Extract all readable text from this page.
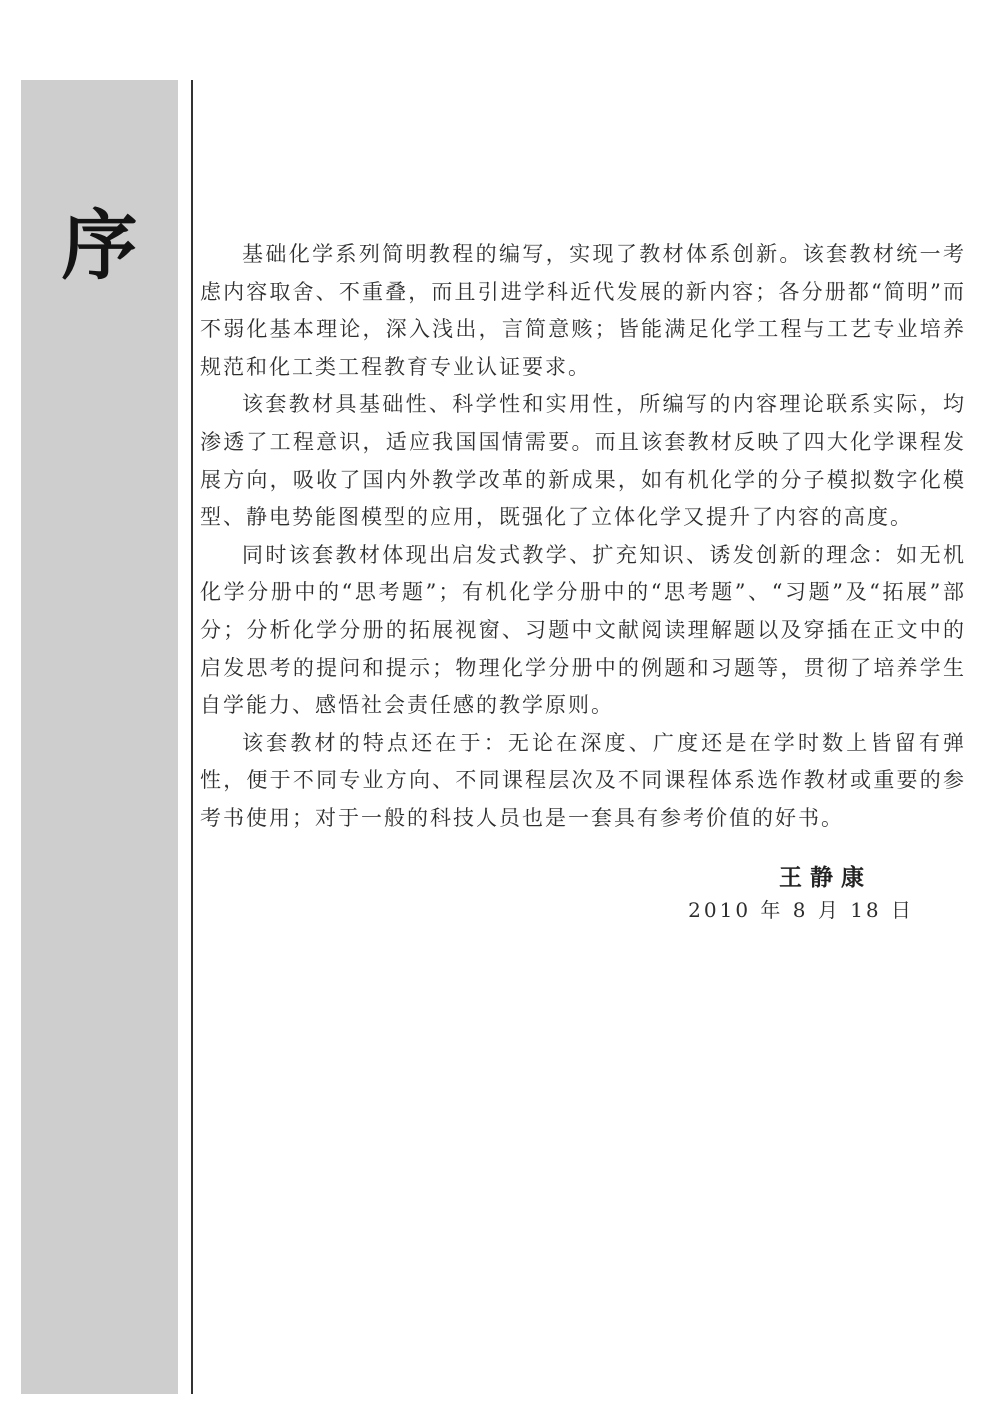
序	基础化学系列简明教程的编写，实现了教材体系创新。该套教材统一考虑内容取舍、不重叠，而且引进学科近代发展的新内容；各分册都“简明”而不弱化基本理论，深入浅出，言简意赅；皆能满足化学工程与工艺专业培养规范和化工类工程教育专业认证要求。

该套教材具基础性、科学性和实用性，所编写的内容理论联系实际，均渗透了工程意识，适应我国国情需要。而且该套教材反映了四大化学课程发展方向，吸收了国内外教学改革的新成果，如有机化学的分子模拟数字化模型、静电势能图模型的应用，既强化了立体化学又提升了内容的高度。

同时该套教材体现出启发式教学、扩充知识、诱发创新的理念：如无机化学分册中的“思考题”；有机化学分册中的“思考题”、“习题”及“拓展”部分；分析化学分册的拓展视窗、习题中文献阅读理解题以及穿插在正文中的启发思考的提问和提示；物理化学分册中的例题和习题等，贯彻了培养学生自学能力、感悟社会责任感的教学原则。

该套教材的特点还在于：无论在深度、广度还是在学时数上皆留有弹性，便于不同专业方向、不同课程层次及不同课程体系选作教材或重要的参考书使用；对于一般的科技人员也是一套具有参考价值的好书。

王静康
2010 年 8 月 18 日
